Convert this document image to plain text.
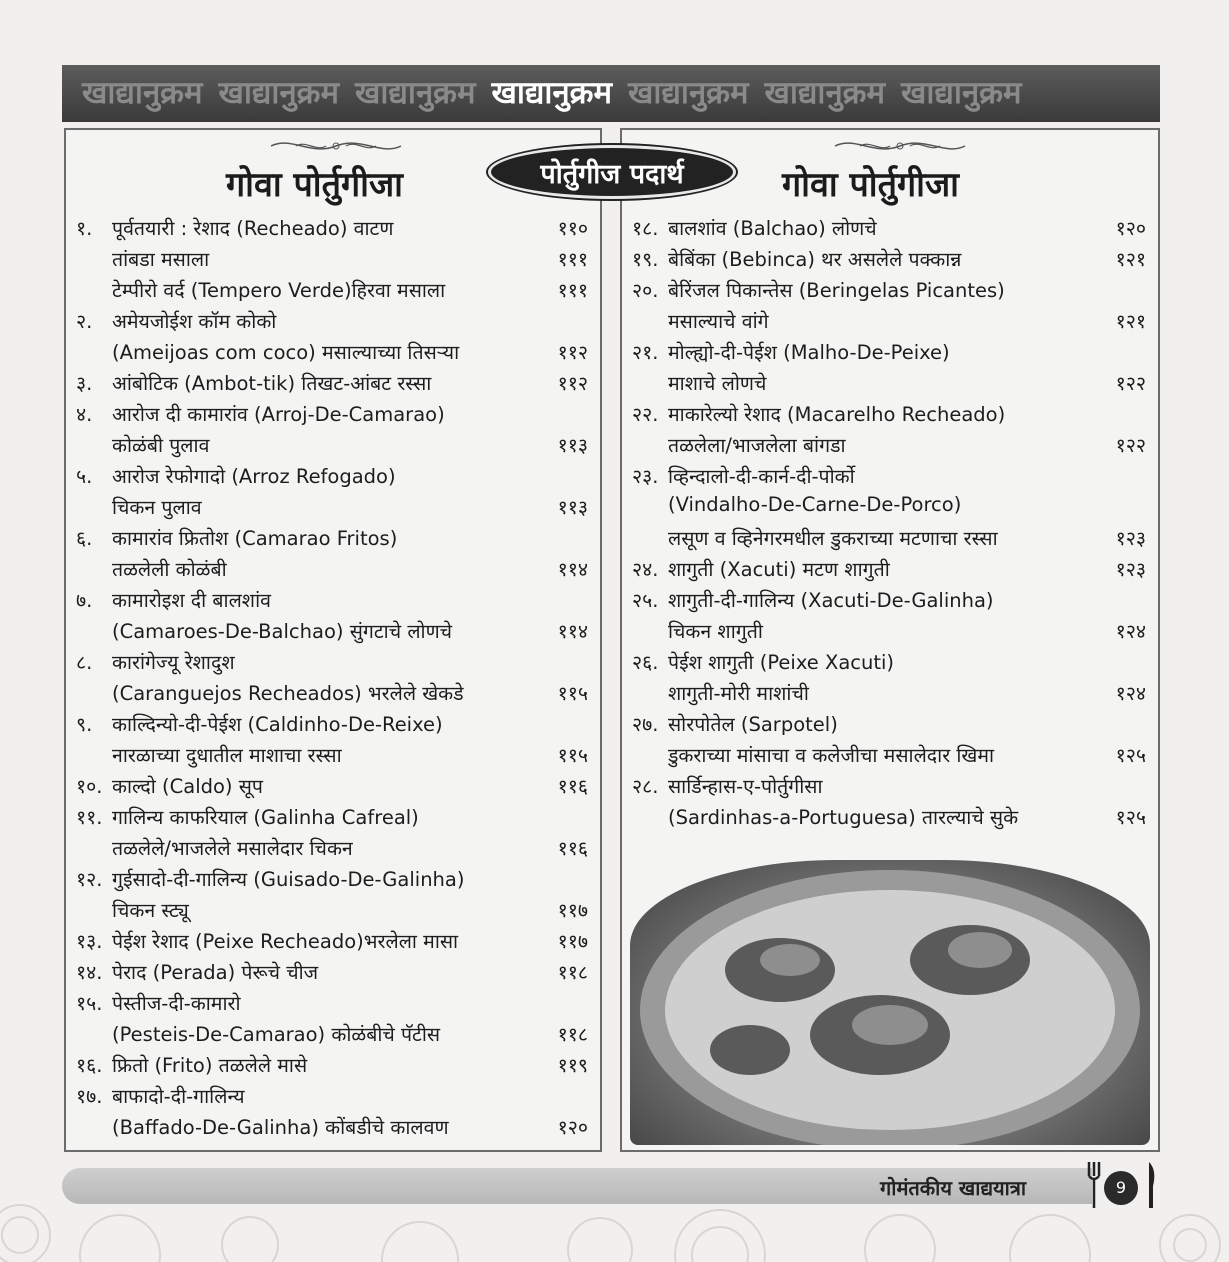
खाद्यानुक्रम खाद्यानुक्रम खाद्यानुक्रम खाद्यानुक्रम खाद्यानुक्रम खाद्यानुक्रम खाद्यानुक्रम
पोर्तुगीज पदार्थ
गोवा पोर्तुगीजा
१.	पूर्वतयारी : रेशाद (Recheado) वाटण	११०
तांबडा मसाला	१११
टेम्पीरो वर्द (Tempero Verde)हिरवा मसाला	१११
२.	अमेयजोईश कॉम कोको
(Ameijoas com coco) मसाल्याच्या तिसऱ्या	११२
३.	आंबोटिक (Ambot-tik) तिखट-आंबट रस्सा	११२
४.	आरोज दी कामारांव (Arroj-De-Camarao)
कोळंबी पुलाव	११३
५.	आरोज रेफोगादो (Arroz Refogado)
चिकन पुलाव	११३
६.	कामारांव फ्रितोश (Camarao Fritos)
तळलेली कोळंबी	११४
७.	कामारोइश दी बालशांव
(Camaroes-De-Balchao) सुंगटाचे लोणचे	११४
८.	कारांगेज्यू रेशादुश
(Caranguejos Recheados) भरलेले खेकडे	११५
९.	काल्दिन्यो-दी-पेईश (Caldinho-De-Reixe)
नारळाच्या दुधातील माशाचा रस्सा	११५
१०. काल्दो (Caldo) सूप	११६
११. गालिन्य काफरियाल (Galinha Cafreal)
तळलेले/भाजलेले मसालेदार चिकन	११६
१२. गुईसादो-दी-गालिन्य (Guisado-De-Galinha)
चिकन स्ट्यू	११७
१३. पेईश रेशाद (Peixe Recheado)भरलेला मासा	११७
१४. पेराद (Perada) पेरूचे चीज	११८
१५. पेस्तीज-दी-कामारो
(Pesteis-De-Camarao) कोळंबीचे पॅटीस	११८
१६. फ्रितो (Frito) तळलेले मासे	११९
१७. बाफादो-दी-गालिन्य
(Baffado-De-Galinha) कोंबडीचे कालवण	१२०
गोवा पोर्तुगीजा
१८. बालशांव (Balchao) लोणचे	१२०
१९. बेबिंका (Bebinca) थर असलेले पक्कान्न	१२१
२०. बेरिंजल पिकान्तेस (Beringelas Picantes)
मसाल्याचे वांगे	१२१
२१. मोल्ह्यो-दी-पेईश (Malho-De-Peixe)
माशाचे लोणचे	१२२
२२. माकारेल्यो रेशाद (Macarelho Recheado)
तळलेला/भाजलेला बांगडा	१२२
२३. व्हिन्दालो-दी-कार्न-दी-पोर्को
(Vindalho-De-Carne-De-Porco)
लसूण व व्हिनेगरमधील डुकराच्या मटणाचा रस्सा	१२३
२४. शागुती (Xacuti) मटण शागुती	१२३
२५. शागुती-दी-गालिन्य (Xacuti-De-Galinha)
चिकन शागुती	१२४
२६. पेईश शागुती (Peixe Xacuti)
शागुती-मोरी माशांची	१२४
२७. सोरपोतेल (Sarpotel)
डुकराच्या मांसाचा व कलेजीचा मसालेदार खिमा	१२५
२८. सार्डिन्हास-ए-पोर्तुगीसा
(Sardinhas-a-Portuguesa) तारल्याचे सुके	१२५
गोमंतकीय खाद्ययात्रा	9
